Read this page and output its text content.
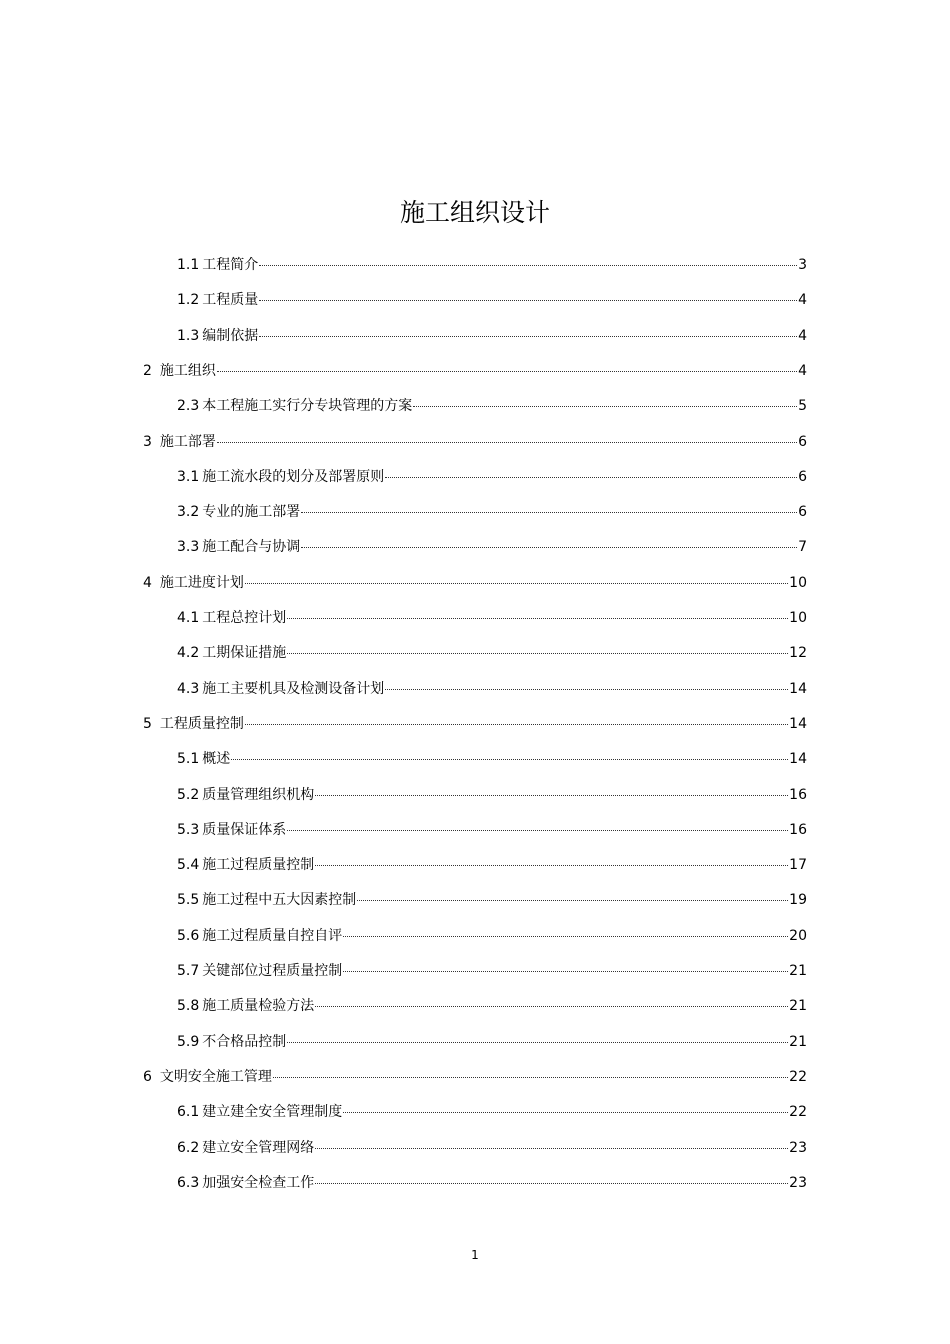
施工组织设计
1.1 工程简介	3
1.2 工程质量	4
1.3 编制依据	4
2 施工组织	4
2.3 本工程施工实行分专块管理的方案	5
3 施工部署	6
3.1 施工流水段的划分及部署原则	6
3.2 专业的施工部署	6
3.3 施工配合与协调	7
4 施工进度计划	10
4.1 工程总控计划	10
4.2 工期保证措施	12
4.3 施工主要机具及检测设备计划	14
5 工程质量控制	14
5.1 概述	14
5.2 质量管理组织机构	16
5.3 质量保证体系	16
5.4 施工过程质量控制	17
5.5 施工过程中五大因素控制	19
5.6 施工过程质量自控自评	20
5.7 关键部位过程质量控制	21
5.8 施工质量检验方法	21
5.9 不合格品控制	21
6 文明安全施工管理	22
6.1 建立建全安全管理制度	22
6.2 建立安全管理网络	23
6.3 加强安全检查工作	23
1
